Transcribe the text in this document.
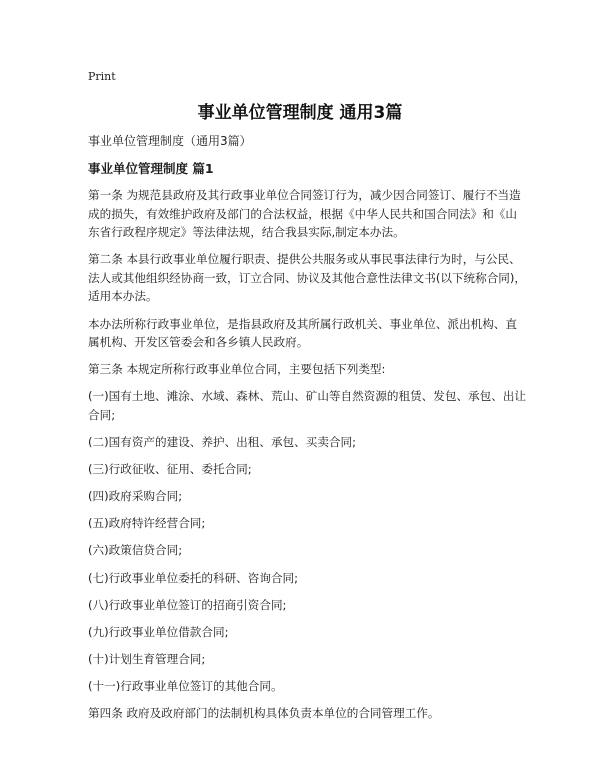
Print
事业单位管理制度 通用3篇

事业单位管理制度（通用3篇）

事业单位管理制度 篇1

第一条 为规范县政府及其行政事业单位合同签订行为，减少因合同签订、履行不当造成的损失，有效维护政府及部门的合法权益，根据《中华人民共和国合同法》和《山东省行政程序规定》等法律法规，结合我县实际,制定本办法。

第二条 本县行政事业单位履行职责、提供公共服务或从事民事法律行为时，与公民、法人或其他组织经协商一致，订立合同、协议及其他合意性法律文书(以下统称合同)，适用本办法。

本办法所称行政事业单位，是指县政府及其所属行政机关、事业单位、派出机构、直属机构、开发区管委会和各乡镇人民政府。

第三条 本规定所称行政事业单位合同，主要包括下列类型:

(一)国有土地、滩涂、水域、森林、荒山、矿山等自然资源的租赁、发包、承包、出让合同;

(二)国有资产的建设、养护、出租、承包、买卖合同;

(三)行政征收、征用、委托合同;

(四)政府采购合同;

(五)政府特许经营合同;

(六)政策信贷合同;

(七)行政事业单位委托的科研、咨询合同;

(八)行政事业单位签订的招商引资合同;

(九)行政事业单位借款合同;

(十)计划生育管理合同;

(十一)行政事业单位签订的其他合同。

第四条 政府及政府部门的法制机构具体负责本单位的合同管理工作。
